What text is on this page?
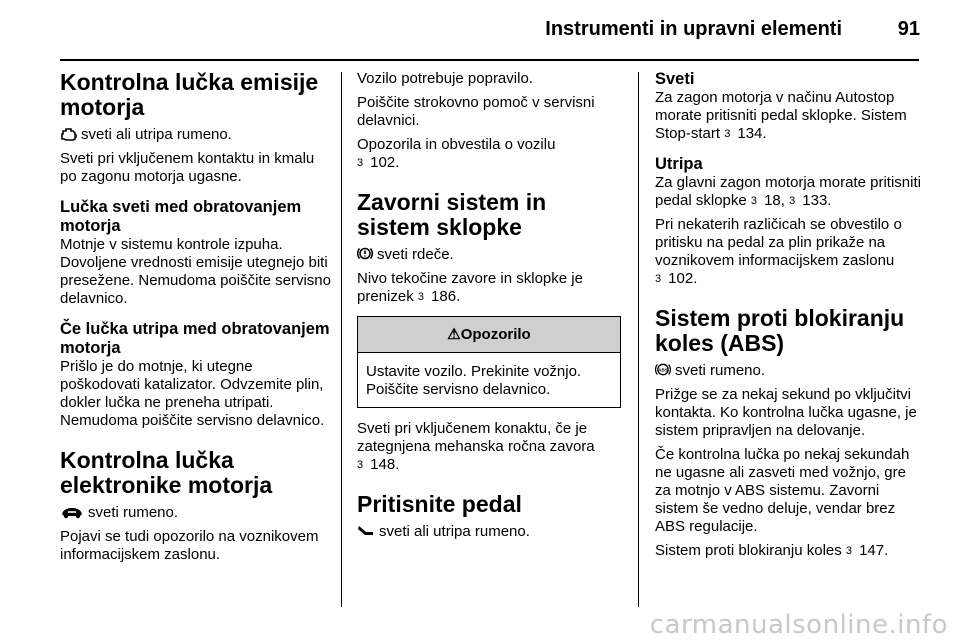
Instrumenti in upravni elementi	91
Kontrolna lučka emisije motorja

sveti ali utripa rumeno.

Sveti pri vključenem kontaktu in kmalu po zagonu motorja ugasne.

Lučka sveti med obratovanjem motorja

Motnje v sistemu kontrole izpuha. Dovoljene vrednosti emisije utegnejo biti presežene. Nemudoma poiščite servisno delavnico.

Če lučka utripa med obratovanjem motorja

Prišlo je do motnje, ki utegne poškodovati katalizator. Odvzemite plin, dokler lučka ne preneha utripati. Nemudoma poiščite servisno delavnico.

Kontrolna lučka elektronike motorja

sveti rumeno.

Pojavi se tudi opozorilo na voznikovem informacijskem zaslonu.

Vozilo potrebuje popravilo.

Poiščite strokovno pomoč v servisni delavnici.

Opozorila in obvestila o vozilu
3 102.

Zavorni sistem in sistem sklopke

sveti rdeče.

Nivo tekočine zavore in sklopke je prenizek 3 186.

⚠Opozorilo
Ustavite vozilo. Prekinite vožnjo. Poiščite servisno delavnico.

Sveti pri vključenem konaktu, če je zategnjena mehanska ročna zavora
3 148.

Pritisnite pedal

sveti ali utripa rumeno.

Sveti

Za zagon motorja v načinu Autostop morate pritisniti pedal sklopke. Sistem Stop-start 3 134.

Utripa

Za glavni zagon motorja morate pritisniti pedal sklopke 3 18, 3 133.

Pri nekaterih različicah se obvestilo o pritisku na pedal za plin prikaže na voznikovem informacijskem zaslonu
3 102.

Sistem proti blokiranju koles (ABS)

ABS sveti rumeno.

Prižge se za nekaj sekund po vključitvi kontakta. Ko kontrolna lučka ugasne, je sistem pripravljen na delovanje.

Če kontrolna lučka po nekaj sekundah ne ugasne ali zasveti med vožnjo, gre za motnjo v ABS sistemu. Zavorni sistem še vedno deluje, vendar brez ABS regulacije.

Sistem proti blokiranju koles 3 147.

carmanualsonline.info
